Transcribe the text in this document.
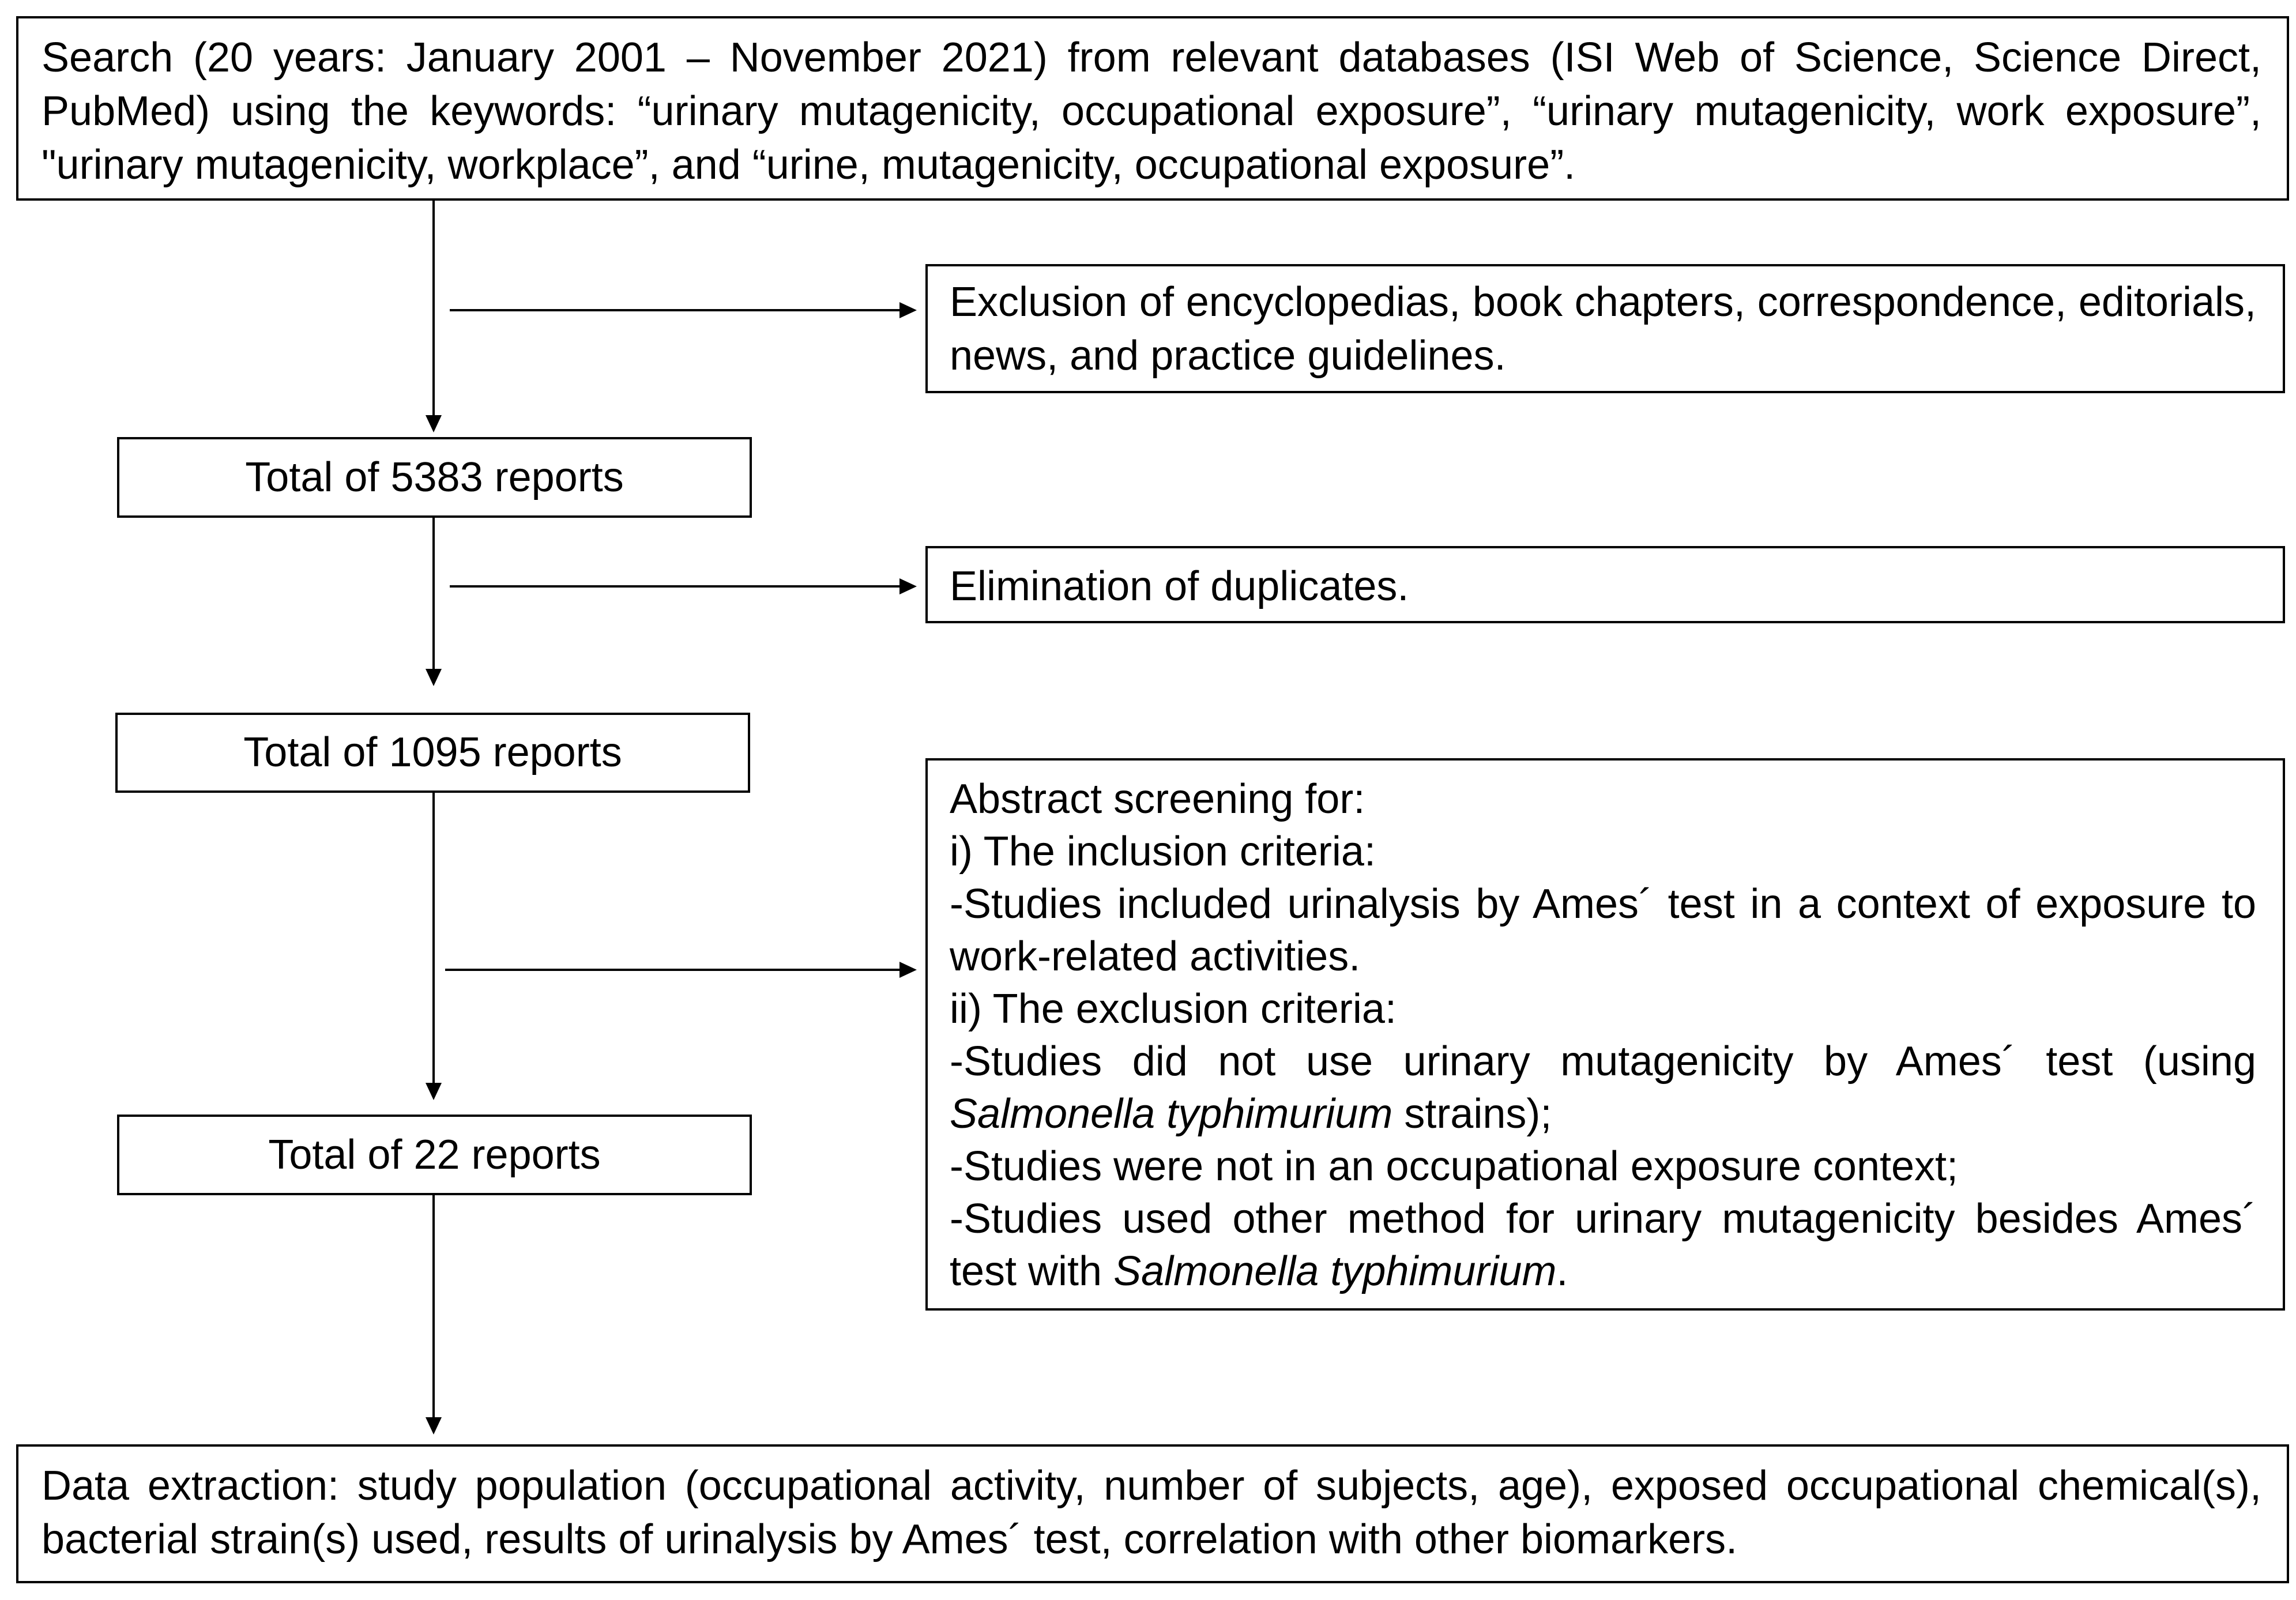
Search (20 years: January 2001 – November 2021) from relevant databases (ISI Web of Science, Science Direct, PubMed) using the keywords: “urinary mutagenicity, occupational exposure”, “urinary mutagenicity, work exposure”, "urinary mutagenicity, workplace”, and “urine, mutagenicity, occupational exposure”.

Exclusion of encyclopedias, book chapters, correspondence, editorials, news, and practice guidelines.

Total of 5383 reports

Elimination of duplicates.

Total of 1095 reports

Abstract screening for:

i) The inclusion criteria:

-Studies included urinalysis by Ames´ test in a context of exposure to work-related activities.

ii) The exclusion criteria:

-Studies did not use urinary mutagenicity by Ames´ test (using Salmonella typhimurium strains);

-Studies were not in an occupational exposure context;

-Studies used other method for urinary mutagenicity besides Ames´ test with Salmonella typhimurium.

Total of 22 reports

Data extraction: study population (occupational activity, number of subjects, age), exposed occupational chemical(s), bacterial strain(s) used, results of urinalysis by Ames´ test, correlation with other biomarkers.
